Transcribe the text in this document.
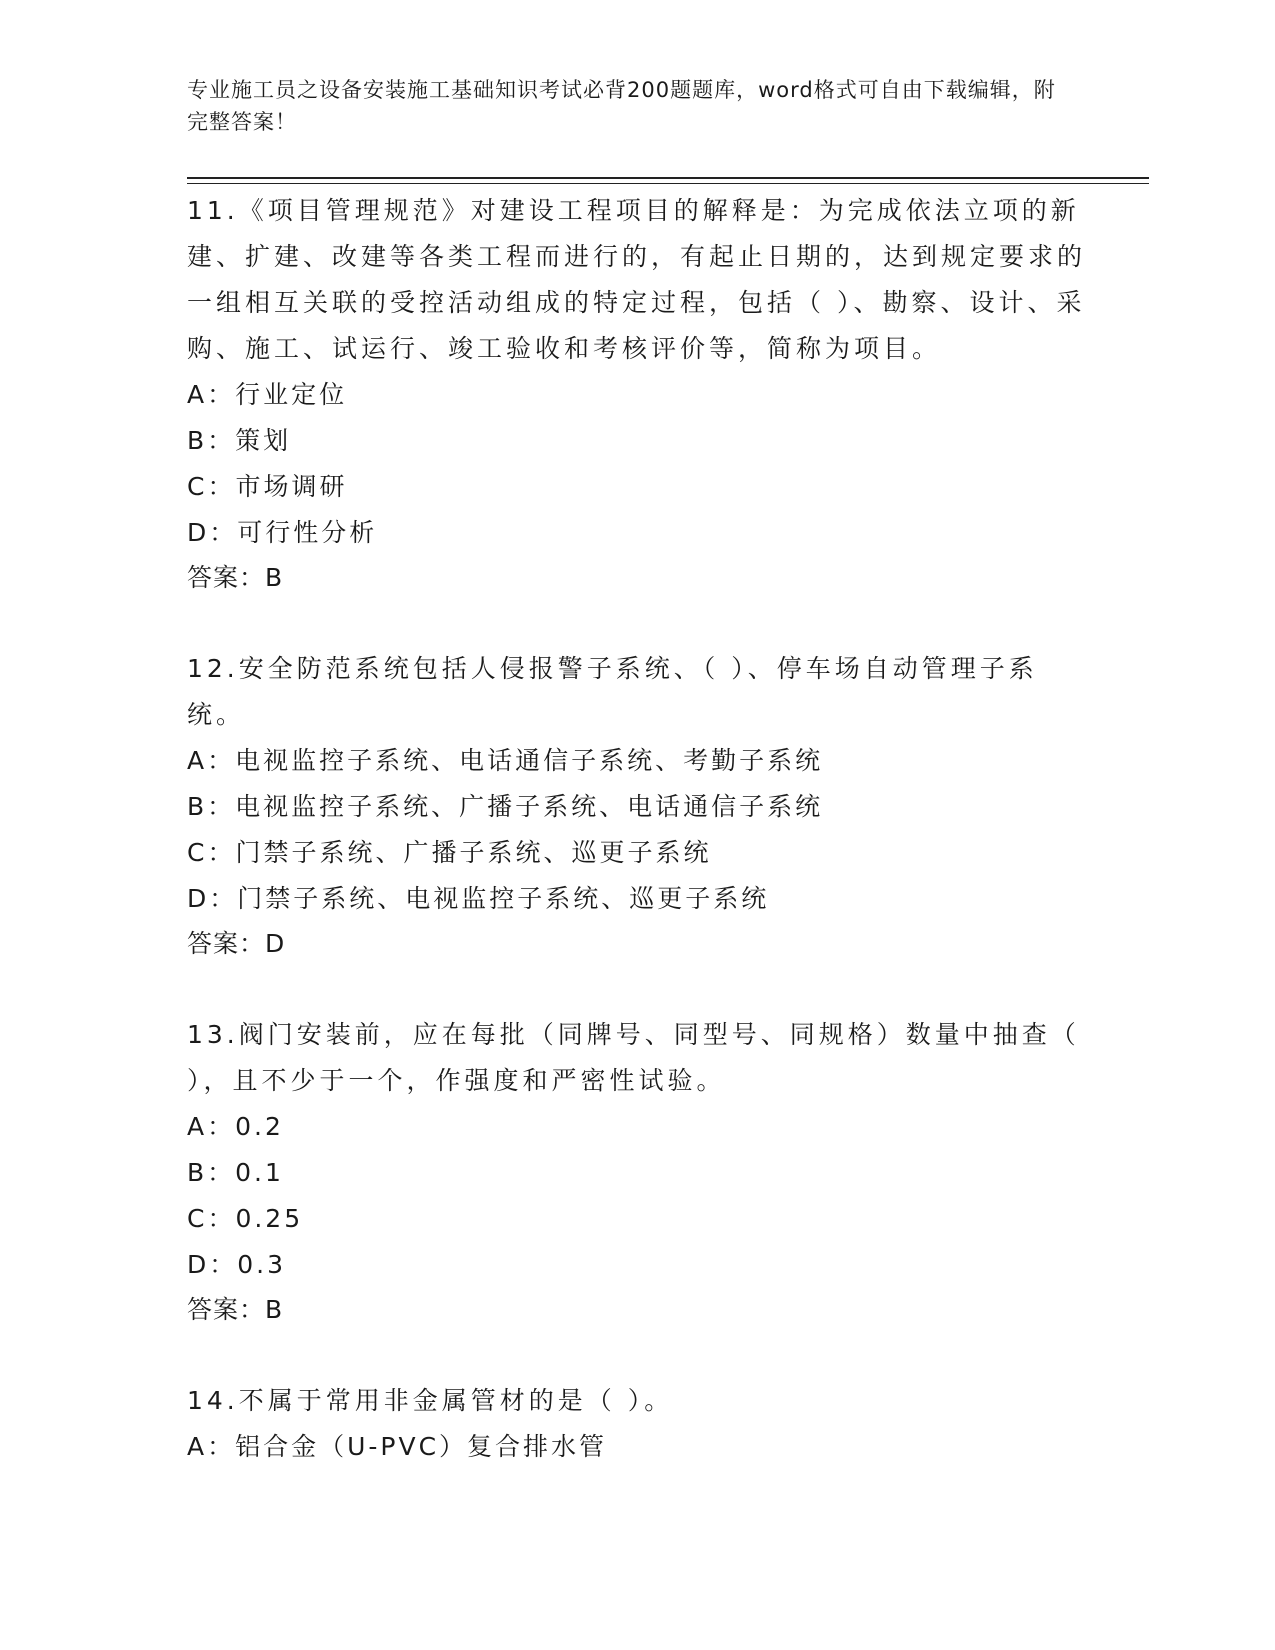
专业施工员之设备安装施工基础知识考试必背200题题库，word格式可自由下载编辑，附完整答案！

11.《项目管理规范》对建设工程项目的解释是：为完成依法立项的新建、扩建、改建等各类工程而进行的，有起止日期的，达到规定要求的一组相互关联的受控活动组成的特定过程，包括（ ）、勘察、设计、采购、施工、试运行、竣工验收和考核评价等，简称为项目。

A：行业定位

B：策划

C：市场调研

D：可行性分析

答案：B

12.安全防范系统包括人侵报警子系统、（ ）、停车场自动管理子系统。

A：电视监控子系统、电话通信子系统、考勤子系统

B：电视监控子系统、广播子系统、电话通信子系统

C：门禁子系统、广播子系统、巡更子系统

D：门禁子系统、电视监控子系统、巡更子系统

答案：D

13.阀门安装前，应在每批（同牌号、同型号、同规格）数量中抽查（ ），且不少于一个，作强度和严密性试验。

A：0.2

B：0.1

C：0.25

D：0.3

答案：B

14.不属于常用非金属管材的是（ ）。

A：铝合金（U-PVC）复合排水管
